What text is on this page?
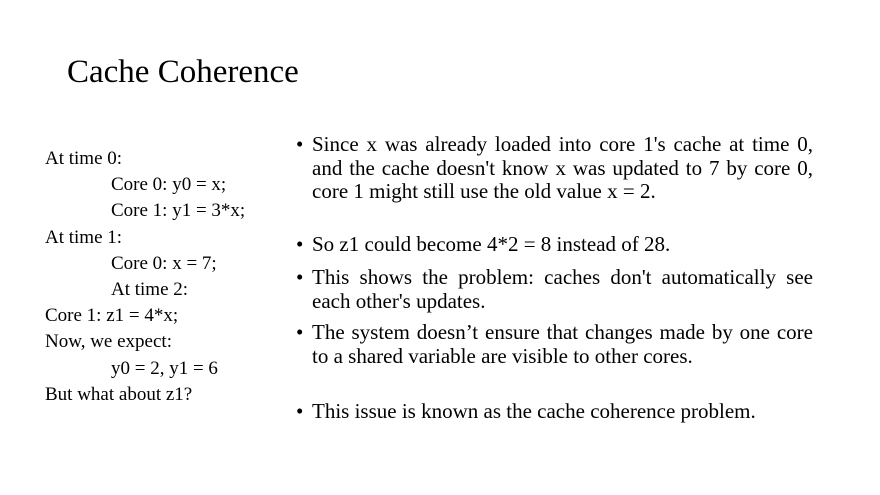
Cache Coherence
At time 0:
Core 0: y0 = x;
Core 1: y1 = 3*x;
At time 1:
Core 0: x = 7;
At time 2:
Core 1: z1 = 4*x;
Now, we expect:
y0 = 2, y1 = 6
But what about z1?
• Since x was already loaded into core 1's cache at time 0, and the cache doesn't know x was updated to 7 by core 0, core 1 might still use the old value x = 2.
• So z1 could become 4*2 = 8 instead of 28.
• This shows the problem: caches don't automatically see each other's updates.
• The system doesn’t ensure that changes made by one core to a shared variable are visible to other cores.
• This issue is known as the cache coherence problem.
